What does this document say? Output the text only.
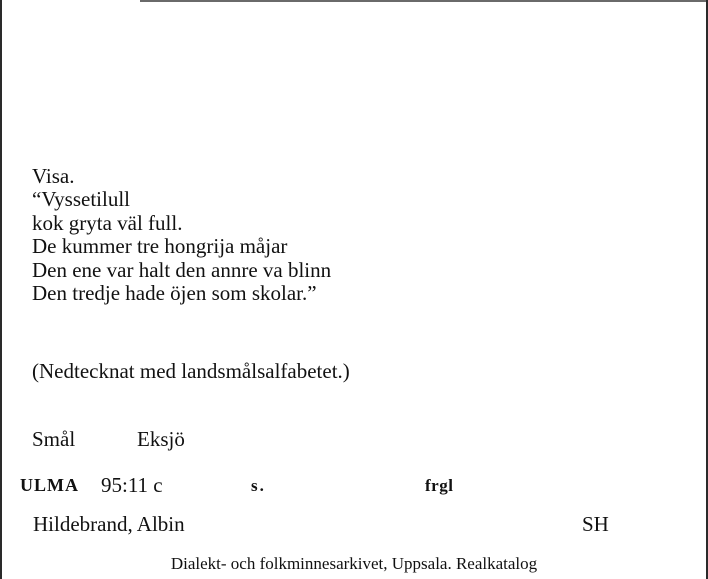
Visa.
“Vyssetilull
kok gryta väl full.
De kummer tre hongrija måjar
Den ene var halt den annre va blinn
Den tredje hade öjen som skolar.”
(Nedtecknat med landsmålsalfabetet.)
Smål	Eksjö
ULMA 95:11 c	s.	frgl
Hildebrand, Albin	SH
Dialekt- och folkminnesarkivet, Uppsala. Realkatalog
